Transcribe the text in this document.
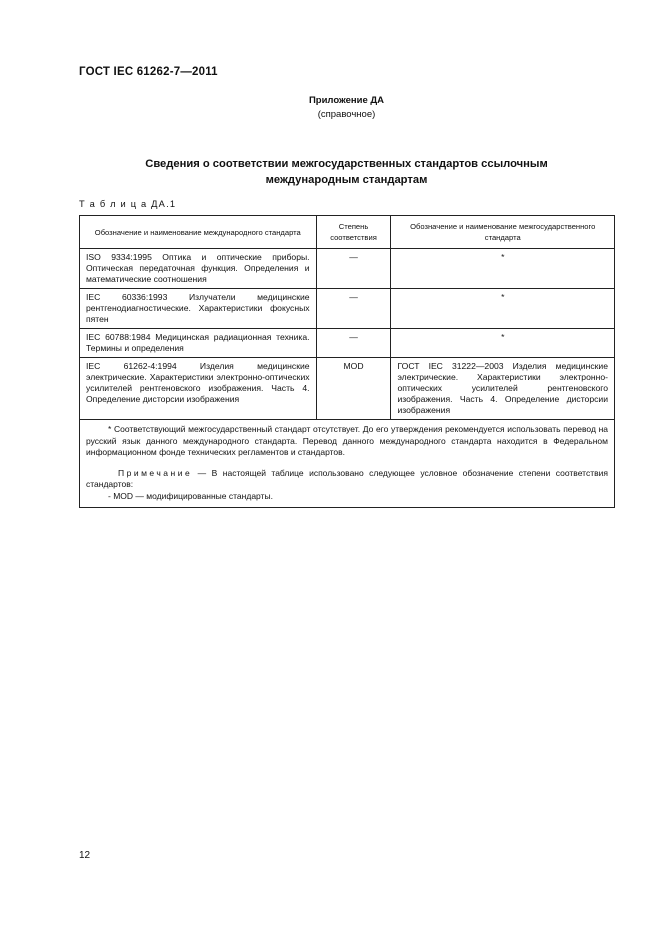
ГОСТ IEC 61262-7—2011
Приложение ДА
(справочное)
Сведения о соответствии межгосударственных стандартов ссылочным международным стандартам
Т а б л и ц а ДА.1
Обозначение и наименование международного стандарта	Степень соответствия	Обозначение и наименование межгосударственного стандарта
ISO 9334:1995 Оптика и оптические приборы. Оптическая передаточная функция. Определения и математические соотношения	—	*
IEC 60336:1993 Излучатели медицинские рентгенодиагностические. Характеристики фокусных пятен	—	*
IEC 60788:1984 Медицинская радиационная техника. Термины и определения	—	*
IEC 61262-4:1994 Изделия медицинские электрические. Характеристики электронно-оптических усилителей рентгеновского изображения. Часть 4. Определение дисторсии изображения	MOD	ГОСТ IEC 31222—2003 Изделия медицинские электрические. Характеристики электронно-оптических усилителей рентгеновского изображения. Часть 4. Определение дисторсии изображения

* Соответствующий межгосударственный стандарт отсутствует. До его утверждения рекомендуется использовать перевод на русский язык данного международного стандарта. Перевод данного международного стандарта находится в Федеральном информационном фонде технических регламентов и стандартов.

Примечание — В настоящей таблице использовано следующее условное обозначение степени соответствия стандартов:

- MOD — модифицированные стандарты.		

12
